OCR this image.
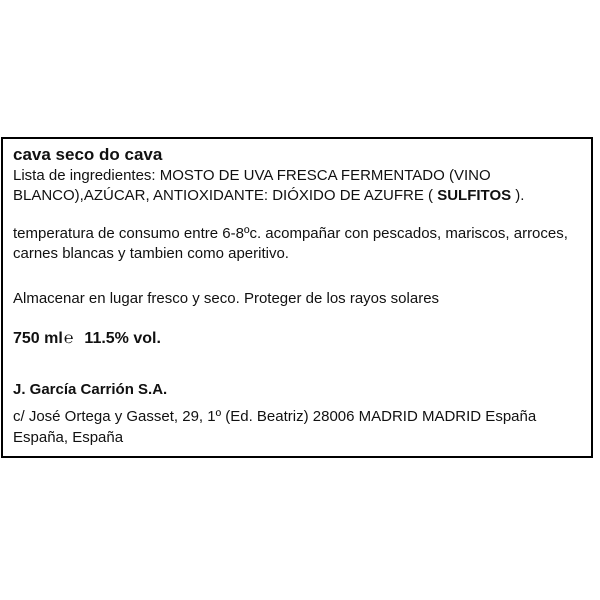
cava seco do cava

Lista de ingredientes: MOSTO DE UVA FRESCA FERMENTADO (VINO BLANCO),AZÚCAR, ANTIOXIDANTE: DIÓXIDO DE AZUFRE ( SULFITOS ).

temperatura de consumo entre 6-8ºc. acompañar con pescados, mariscos, arroces, carnes blancas y tambien como aperitivo.

Almacenar en lugar fresco y seco. Proteger de los rayos solares

750 ml℮ 11.5% vol.

J. García Carrión S.A.

c/ José Ortega y Gasset, 29, 1º (Ed. Beatriz) 28006 MADRID MADRID España España, España
